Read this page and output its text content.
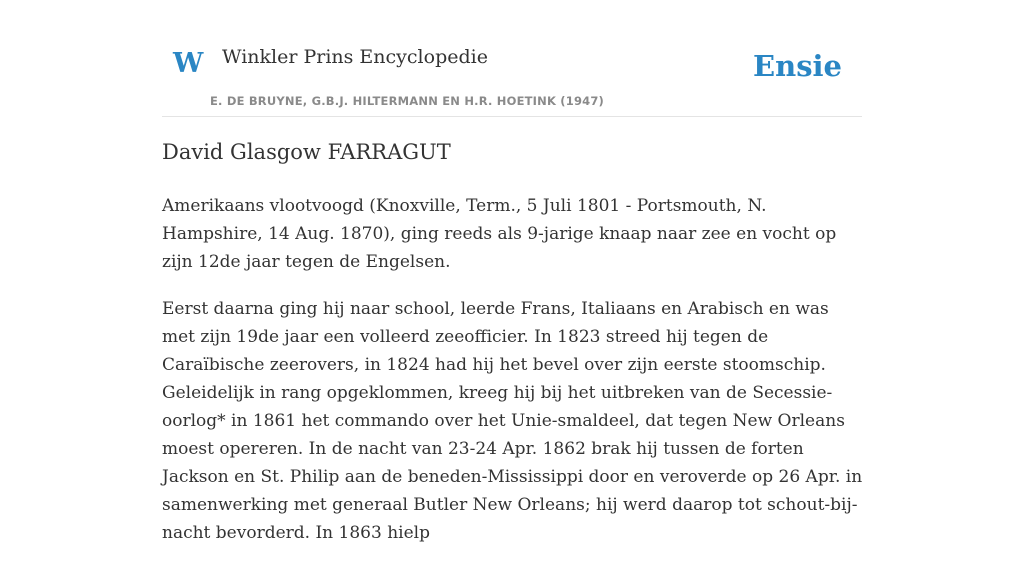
W Winkler Prins Encyclopedie
E. DE BRUYNE, G.B.J. HILTERMANN EN H.R. HOETINK (1947)
Ensie
David Glasgow FARRAGUT

Amerikaans vlootvoogd (Knoxville, Term., 5 Juli 1801 - Portsmouth, N. Hampshire, 14 Aug. 1870), ging reeds als 9-jarige knaap naar zee en vocht op zijn 12de jaar tegen de Engelsen.

Eerst daarna ging hij naar school, leerde Frans, Italiaans en Arabisch en was met zijn 19de jaar een volleerd zeeofficier. In 1823 streed hij tegen de Caraïbische zeerovers, in 1824 had hij het bevel over zijn eerste stoomschip. Geleidelijk in rang opgeklommen, kreeg hij bij het uitbreken van de Secessie-oorlog* in 1861 het commando over het Unie-smaldeel, dat tegen New Orleans moest opereren. In de nacht van 23-24 Apr. 1862 brak hij tussen de forten Jackson en St. Philip aan de beneden-Mississippi door en veroverde op 26 Apr. in samenwerking met generaal Butler New Orleans; hij werd daarop tot schout-bij-nacht bevorderd. In 1863 hielp
